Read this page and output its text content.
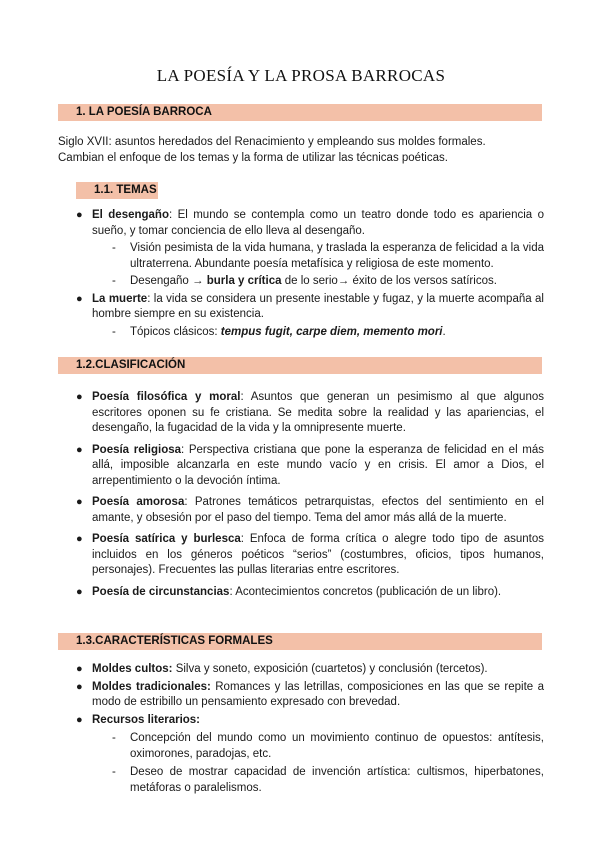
LA POESÍA Y LA PROSA BARROCAS
1. LA POESÍA BARROCA

Siglo XVII: asuntos heredados del Renacimiento y empleando sus moldes formales.

Cambian el enfoque de los temas y la forma de utilizar las técnicas poéticas.

1.1. TEMAS
● El desengaño: El mundo se contempla como un teatro donde todo es apariencia o sueño, y tomar conciencia de ello lleva al desengaño.
- Visión pesimista de la vida humana, y traslada la esperanza de felicidad a la vida ultraterrena. Abundante poesía metafísica y religiosa de este momento.
- Desengaño → burla y crítica de lo serio→ éxito de los versos satíricos.
● La muerte: la vida se considera un presente inestable y fugaz, y la muerte acompaña al hombre siempre en su existencia.
- Tópicos clásicos: tempus fugit, carpe diem, memento mori.
1.2.CLASIFICACIÓN
● Poesía filosófica y moral: Asuntos que generan un pesimismo al que algunos escritores oponen su fe cristiana. Se medita sobre la realidad y las apariencias, el desengaño, la fugacidad de la vida y la omnipresente muerte.
● Poesía religiosa: Perspectiva cristiana que pone la esperanza de felicidad en el más allá, imposible alcanzarla en este mundo vacío y en crisis. El amor a Dios, el arrepentimiento o la devoción íntima.
● Poesía amorosa: Patrones temáticos petrarquistas, efectos del sentimiento en el amante, y obsesión por el paso del tiempo. Tema del amor más allá de la muerte.
● Poesía satírica y burlesca: Enfoca de forma crítica o alegre todo tipo de asuntos incluidos en los géneros poéticos “serios” (costumbres, oficios, tipos humanos, personajes). Frecuentes las pullas literarias entre escritores.
● Poesía de circunstancias: Acontecimientos concretos (publicación de un libro).
1.3.CARACTERÍSTICAS FORMALES
● Moldes cultos: Silva y soneto, exposición (cuartetos) y conclusión (tercetos).
● Moldes tradicionales: Romances y las letrillas, composiciones en las que se repite a modo de estribillo un pensamiento expresado con brevedad.
● Recursos literarios:
- Concepción del mundo como un movimiento continuo de opuestos: antítesis, oximorones, paradojas, etc.
- Deseo de mostrar capacidad de invención artística: cultismos, hiperbatones, metáforas o paralelismos.
